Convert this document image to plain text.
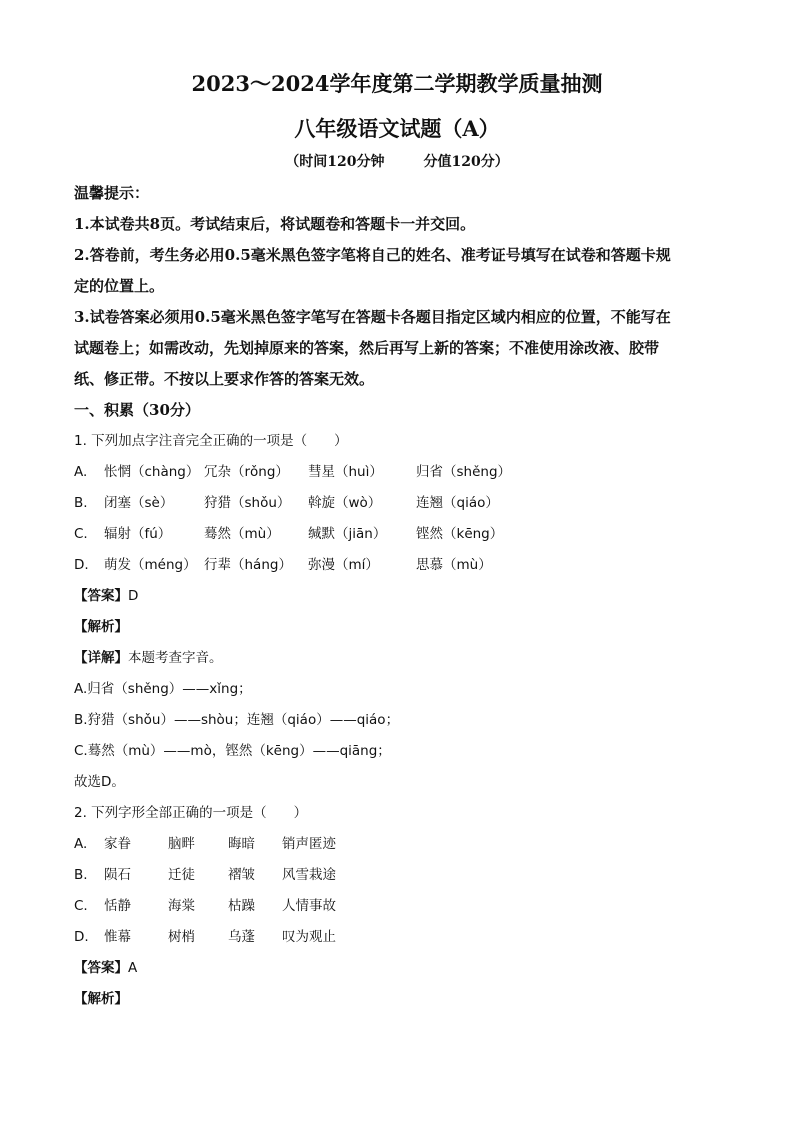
2023～2024学年度第二学期教学质量抽测
八年级语文试题（A）
（时间120分钟        分值120分）
温馨提示：
1.本试卷共8页。考试结束后，将试题卷和答题卡一并交回。
2.答卷前，考生务必用0.5毫米黑色签字笔将自己的姓名、准考证号填写在试卷和答题卡规
定的位置上。
3.试卷答案必须用0.5毫米黑色签字笔写在答题卡各题目指定区域内相应的位置，不能写在
试题卷上；如需改动，先划掉原来的答案，然后再写上新的答案；不准使用涂改液、胶带
纸、修正带。不按以上要求作答的答案无效。
一、积累（30分）
1. 下列加点字注音完全正确的一项是（　　）
A.	怅惘（chàng） 冗杂（rǒng）	彗星（huì）	归省（shěng）
B.	闭塞（sè）	狩猎（shǒu）	斡旋（wò）	连翘（qiáo）
C.	辐射（fú）	蓦然（mù）	缄默（jiān）	铿然（kēng）
D.	萌发（méng） 行辈（háng）	弥漫（mí）	思慕（mù）
【答案】D
【解析】
【详解】本题考查字音。
A.归省（shěng）——xǐng；
B.狩猎（shǒu）——shòu；连翘（qiáo）——qiáo；
C.蓦然（mù）——mò，铿然（kēng）——qiāng；
故选D。
2. 下列字形全部正确的一项是（　　）
A.	家眷	脑畔	晦暗	销声匿迹
B.	陨石	迁徒	褶皱	风雪栽途
C.	恬静	海棠	枯躁	人情事故
D.	惟幕	树梢	乌蓬	叹为观止
【答案】A
【解析】
